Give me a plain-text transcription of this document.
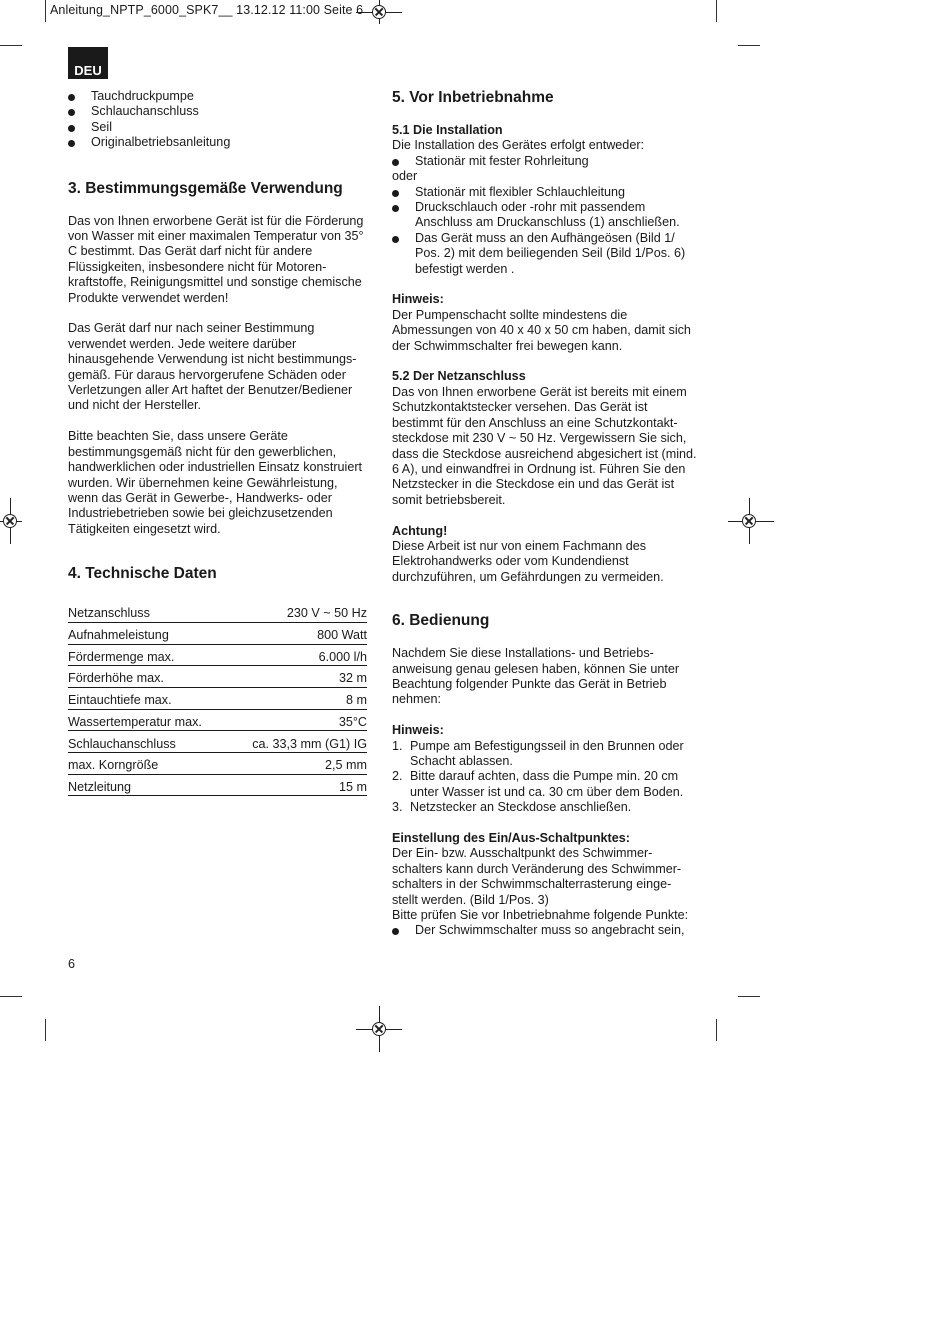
Anleitung_NPTP_6000_SPK7__ 13.12.12 11:00 Seite 6
DEU
Tauchdruckpumpe
Schlauchanschluss
Seil
Originalbetriebsanleitung
3. Bestimmungsgemäße Verwendung

Das von Ihnen erworbene Gerät ist für die Förderung von Wasser mit einer maximalen Temperatur von 35° C bestimmt. Das Gerät darf nicht für andere Flüssigkeiten, insbesondere nicht für Motoren-kraftstoffe, Reinigungsmittel und sonstige chemische Produkte verwendet werden!

Das Gerät darf nur nach seiner Bestimmung verwendet werden. Jede weitere darüber hinausgehende Verwendung ist nicht bestimmungs-gemäß. Für daraus hervorgerufene Schäden oder Verletzungen aller Art haftet der Benutzer/Bediener und nicht der Hersteller.

Bitte beachten Sie, dass unsere Geräte bestimmungsgemäß nicht für den gewerblichen, handwerklichen oder industriellen Einsatz konstruiert wurden. Wir übernehmen keine Gewährleistung, wenn das Gerät in Gewerbe-, Handwerks- oder Industriebetrieben sowie bei gleichzusetzenden Tätigkeiten eingesetzt wird.

4. Technische Daten
Netzanschluss	230 V ~ 50 Hz
Aufnahmeleistung	800 Watt
Fördermenge max.	6.000 l/h
Förderhöhe max.	32 m
Eintauchtiefe max.	8 m
Wassertemperatur max.	35°C
Schlauchanschluss	ca. 33,3 mm (G1) IG
max. Korngröße	2,5 mm
Netzleitung	15 m
5. Vor Inbetriebnahme

5.1 Die Installation

Die Installation des Gerätes erfolgt entweder:

Stationär mit fester Rohrleitung

oder

Stationär mit flexibler Schlauchleitung
Druckschlauch oder -rohr mit passendem Anschluss am Druckanschluss (1) anschließen.
Das Gerät muss an den Aufhängeösen (Bild 1/ Pos. 2) mit dem beiliegenden Seil (Bild 1/Pos. 6) befestigt werden .

Hinweis:

Der Pumpenschacht sollte mindestens die Abmessungen von 40 x 40 x 50 cm haben, damit sich der Schwimmschalter frei bewegen kann.

5.2 Der Netzanschluss

Das von Ihnen erworbene Gerät ist bereits mit einem Schutzkontaktstecker versehen. Das Gerät ist bestimmt für den Anschluss an eine Schutzkontakt-steckdose mit 230 V ~ 50 Hz. Vergewissern Sie sich, dass die Steckdose ausreichend abgesichert ist (mind. 6 A), und einwandfrei in Ordnung ist. Führen Sie den Netzstecker in die Steckdose ein und das Gerät ist somit betriebsbereit.

Achtung!

Diese Arbeit ist nur von einem Fachmann des Elektrohandwerks oder vom Kundendienst durchzuführen, um Gefährdungen zu vermeiden.

6. Bedienung

Nachdem Sie diese Installations- und Betriebs-anweisung genau gelesen haben, können Sie unter Beachtung folgender Punkte das Gerät in Betrieb nehmen:

Hinweis:

1. Pumpe am Befestigungsseil in den Brunnen oder Schacht ablassen.
2. Bitte darauf achten, dass die Pumpe min. 20 cm unter Wasser ist und ca. 30 cm über dem Boden.
3. Netzstecker an Steckdose anschließen.

Einstellung des Ein/Aus-Schaltpunktes:

Der Ein- bzw. Ausschaltpunkt des Schwimmer-schalters kann durch Veränderung des Schwimmer-schalters in der Schwimmschalterrasterung einge-stellt werden. (Bild 1/Pos. 3)

Bitte prüfen Sie vor Inbetriebnahme folgende Punkte:

Der Schwimmschalter muss so angebracht sein,
6
